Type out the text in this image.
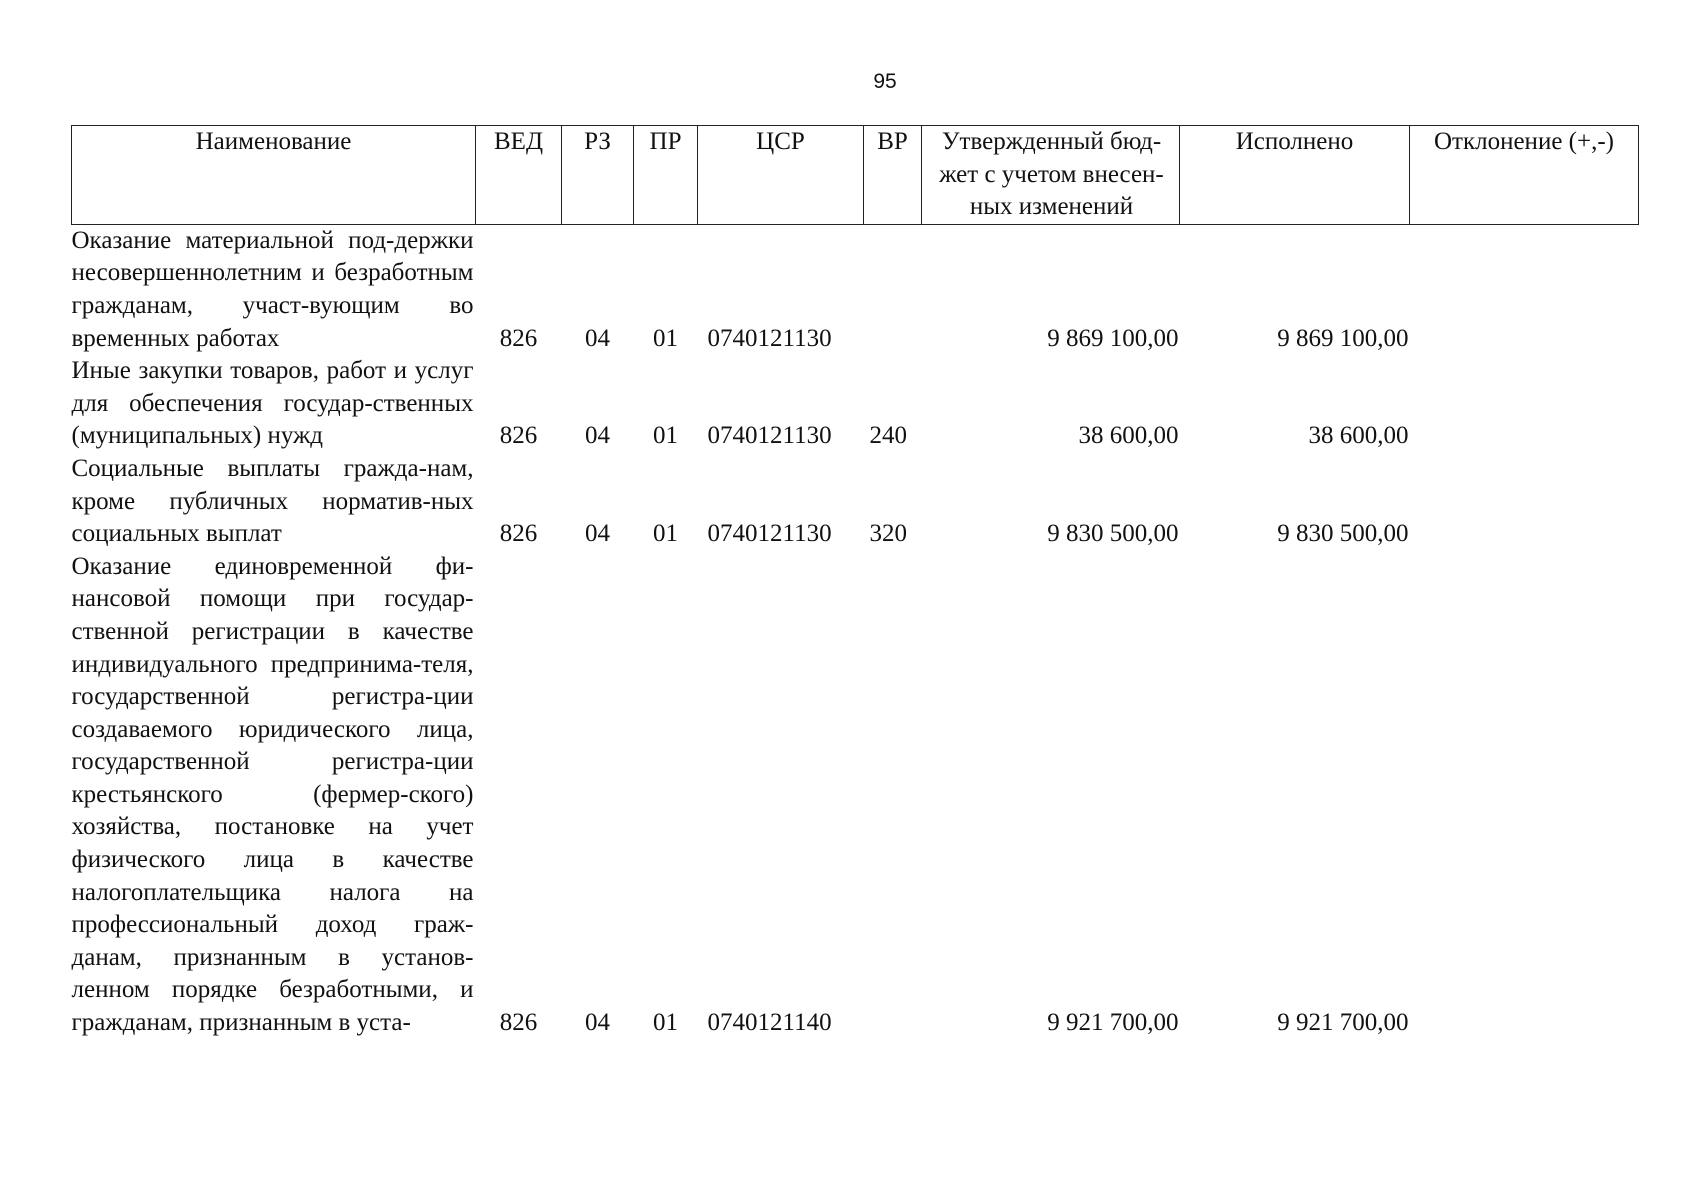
95
Наименование	ВЕД	РЗ	ПР	ЦСР	ВР	Утвержденный бюд-жет с учетом внесен-ных изменений	Исполнено	Отклонение (+,-)
Оказание материальной под-держки несовершеннолетним и безработным гражданам, участ-вующим во временных работах	826	04	01	0740121130		9 869 100,00	9 869 100,00	
Иные закупки товаров, работ и услуг для обеспечения государ-ственных (муниципальных) нужд	826	04	01	0740121130	240	38 600,00	38 600,00	
Социальные выплаты гражда-нам, кроме публичных норматив-ных социальных выплат	826	04	01	0740121130	320	9 830 500,00	9 830 500,00	
Оказание единовременной фи-нансовой помощи при государ-ственной регистрации в качестве индивидуального предпринима-теля, государственной регистра-ции создаваемого юридического лица, государственной регистра-ции крестьянского (фермер-ского) хозяйства, постановке на учет физического лица в качестве налогоплательщика налога на профессиональный доход граж-данам, признанным в установ-ленном порядке безработными, и гражданам, признанным в уста-	826	04	01	0740121140		9 921 700,00	9 921 700,00	
